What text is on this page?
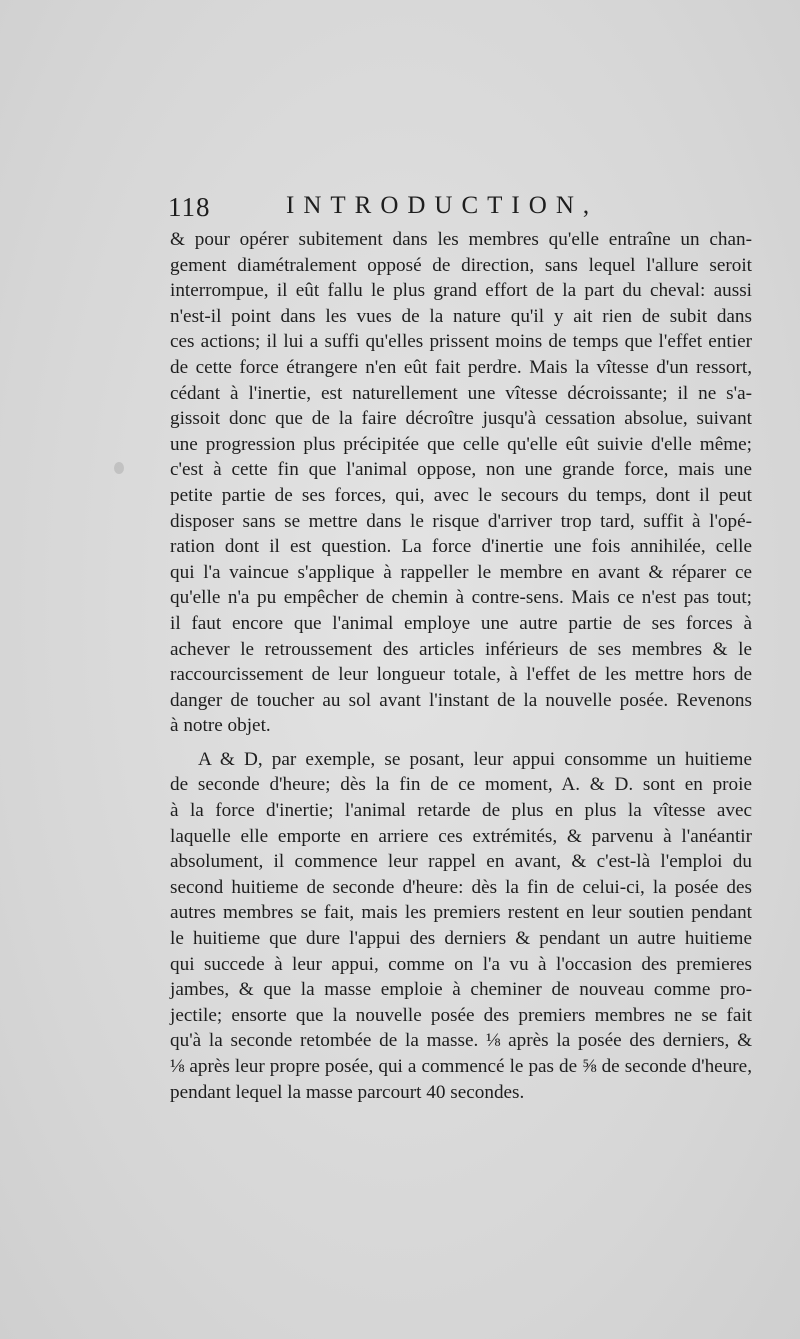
118	INTRODUCTION,
& pour opérer subitement dans les membres qu'elle entraîne un chan-
gement diamétralement opposé de direction, sans lequel l'allure seroit
interrompue, il eût fallu le plus grand effort de la part du cheval: aussi
n'est-il point dans les vues de la nature qu'il y ait rien de subit dans
ces actions; il lui a suffi qu'elles prissent moins de temps que l'effet entier
de cette force étrangere n'en eût fait perdre. Mais la vîtesse d'un ressort,
cédant à l'inertie, est naturellement une vîtesse décroissante; il ne s'a-
gissoit donc que de la faire décroître jusqu'à cessation absolue, suivant
une progression plus précipitée que celle qu'elle eût suivie d'elle même;
c'est à cette fin que l'animal oppose, non une grande force, mais une
petite partie de ses forces, qui, avec le secours du temps, dont il peut
disposer sans se mettre dans le risque d'arriver trop tard, suffit à l'opé-
ration dont il est question. La force d'inertie une fois annihilée, celle
qui l'a vaincue s'applique à rappeller le membre en avant & réparer ce
qu'elle n'a pu empêcher de chemin à contre-sens. Mais ce n'est pas tout;
il faut encore que l'animal employe une autre partie de ses forces à
achever le retroussement des articles inférieurs de ses membres & le
raccourcissement de leur longueur totale, à l'effet de les mettre hors de
danger de toucher au sol avant l'instant de la nouvelle posée. Revenons
à notre objet.
A & D, par exemple, se posant, leur appui consomme un huitieme
de seconde d'heure; dès la fin de ce moment, A. & D. sont en proie
à la force d'inertie; l'animal retarde de plus en plus la vîtesse avec
laquelle elle emporte en arriere ces extrémités, & parvenu à l'anéantir
absolument, il commence leur rappel en avant, & c'est-là l'emploi du
second huitieme de seconde d'heure: dès la fin de celui-ci, la posée des
autres membres se fait, mais les premiers restent en leur soutien pendant
le huitieme que dure l'appui des derniers & pendant un autre huitieme
qui succede à leur appui, comme on l'a vu à l'occasion des premieres
jambes, & que la masse emploie à cheminer de nouveau comme pro-
jectile; ensorte que la nouvelle posée des premiers membres ne se fait
qu'à la seconde retombée de la masse. ⅛ après la posée des derniers, &
⅛ après leur propre posée, qui a commencé le pas de ⅝ de seconde d'heure,
pendant lequel la masse parcourt 40 secondes.
